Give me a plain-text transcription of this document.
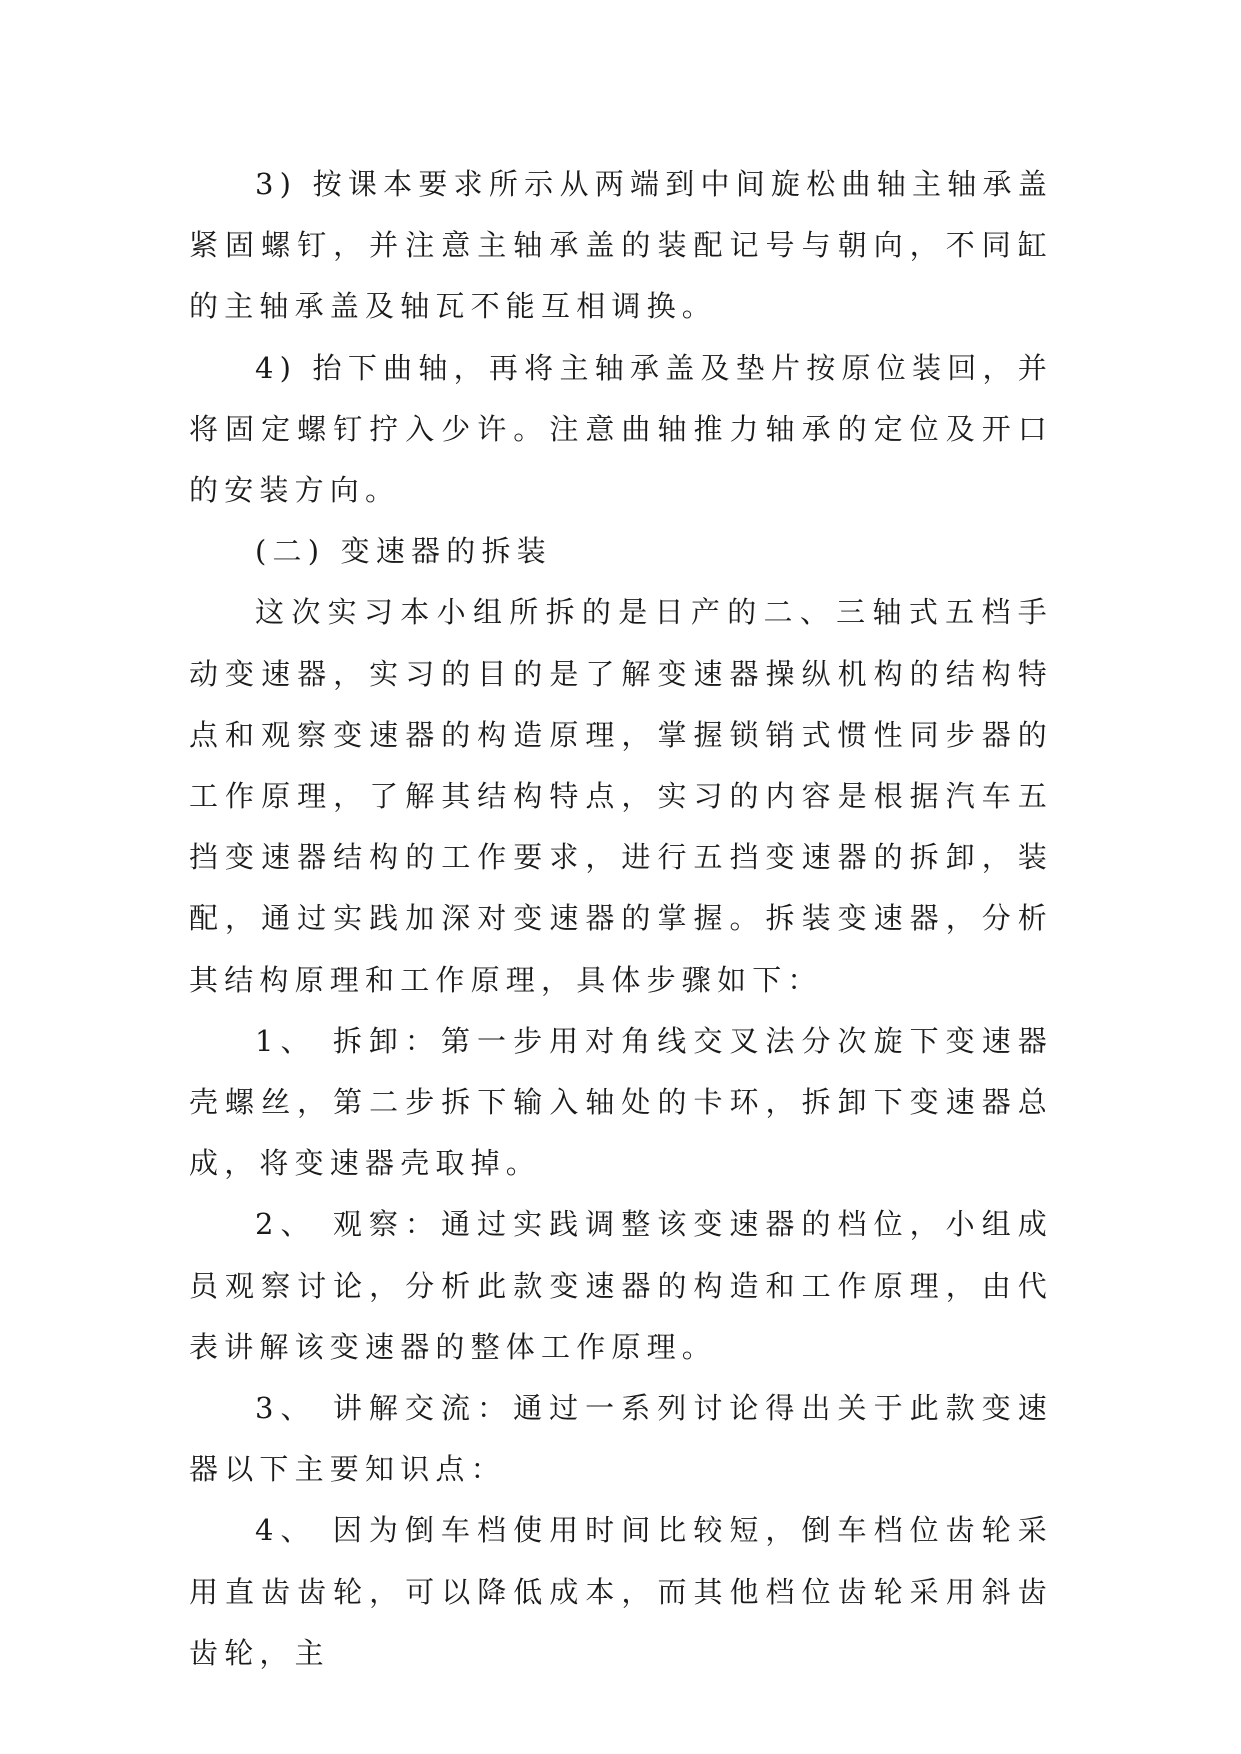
3) 按课本要求所示从两端到中间旋松曲轴主轴承盖紧固螺钉，并注意主轴承盖的装配记号与朝向，不同缸的主轴承盖及轴瓦不能互相调换。

4) 抬下曲轴，再将主轴承盖及垫片按原位装回，并将固定螺钉拧入少许。注意曲轴推力轴承的定位及开口的安装方向。

(二) 变速器的拆装

这次实习本小组所拆的是日产的二、三轴式五档手动变速器，实习的目的是了解变速器操纵机构的结构特点和观察变速器的构造原理，掌握锁销式惯性同步器的工作原理，了解其结构特点，实习的内容是根据汽车五挡变速器结构的工作要求，进行五挡变速器的拆卸，装配，通过实践加深对变速器的掌握。拆装变速器，分析其结构原理和工作原理，具体步骤如下：

1、 拆卸：第一步用对角线交叉法分次旋下变速器壳螺丝，第二步拆下输入轴处的卡环，拆卸下变速器总成，将变速器壳取掉。

2、 观察：通过实践调整该变速器的档位，小组成员观察讨论，分析此款变速器的构造和工作原理，由代表讲解该变速器的整体工作原理。

3、 讲解交流：通过一系列讨论得出关于此款变速器以下主要知识点：

4、 因为倒车档使用时间比较短，倒车档位齿轮采用直齿齿轮，可以降低成本，而其他档位齿轮采用斜齿齿轮，主
